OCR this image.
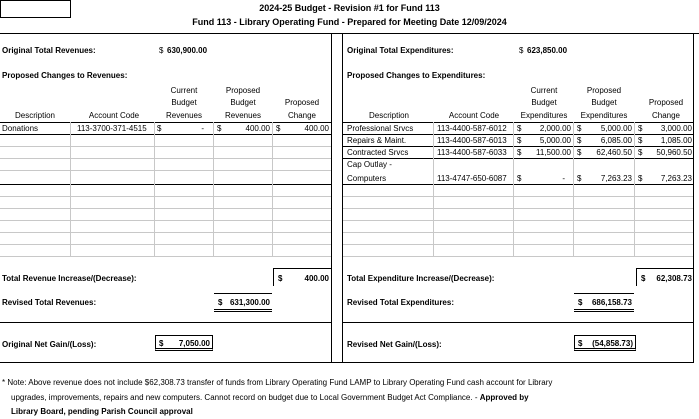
2024-25 Budget - Revision #1 for Fund 113
Fund 113 - Library Operating Fund - Prepared for Meeting Date 12/09/2024
Original Total Revenues:	$ 630,900.00
Proposed Changes to Revenues:
Description	Account Code
Current
Budget
Revenues
Proposed
Budget
Revenues
Proposed
Change
Donations	113-3700-371-4515 $	- $	400.00 $	400.00
Total Revenue Increase/(Decrease):	$	400.00
Revised Total Revenues:	$ 631,300.00
Original Net Gain/(Loss):	$	7,050.00
Original Total Expenditures:	$ 623,850.00
Proposed Changes to Expenditures:
Description	Account Code
Current
Budget
Expenditures
Proposed
Budget
Expenditures
Proposed
Change
Professional Srvcs	113-4400-587-6012 $	2,000.00 $	5,000.00 $	3,000.00
Repairs & Maint.	113-4400-587-6013 $	5,000.00 $	6,085.00 $	1,085.00
Contracted Srvcs	113-4400-587-6033 $	11,500.00 $	62,460.50 $	50,960.50
Cap Outlay -
Computers	113-4747-650-6087 $	- $	7,263.23 $	7,263.23
Total Expenditure Increase/(Decrease):	$	62,308.73
Revised Total Expenditures:	$	686,158.73
Revised Net Gain/(Loss):	$	(54,858.73)
* Note: Above revenue does not include $62,308.73 transfer of funds from Library Operating Fund LAMP to Library Operating Fund cash account for Library
upgrades, improvements, repairs and new computers. Cannot record on budget due to Local Government Budget Act Compliance. - Approved by
Library Board, pending Parish Council approval
